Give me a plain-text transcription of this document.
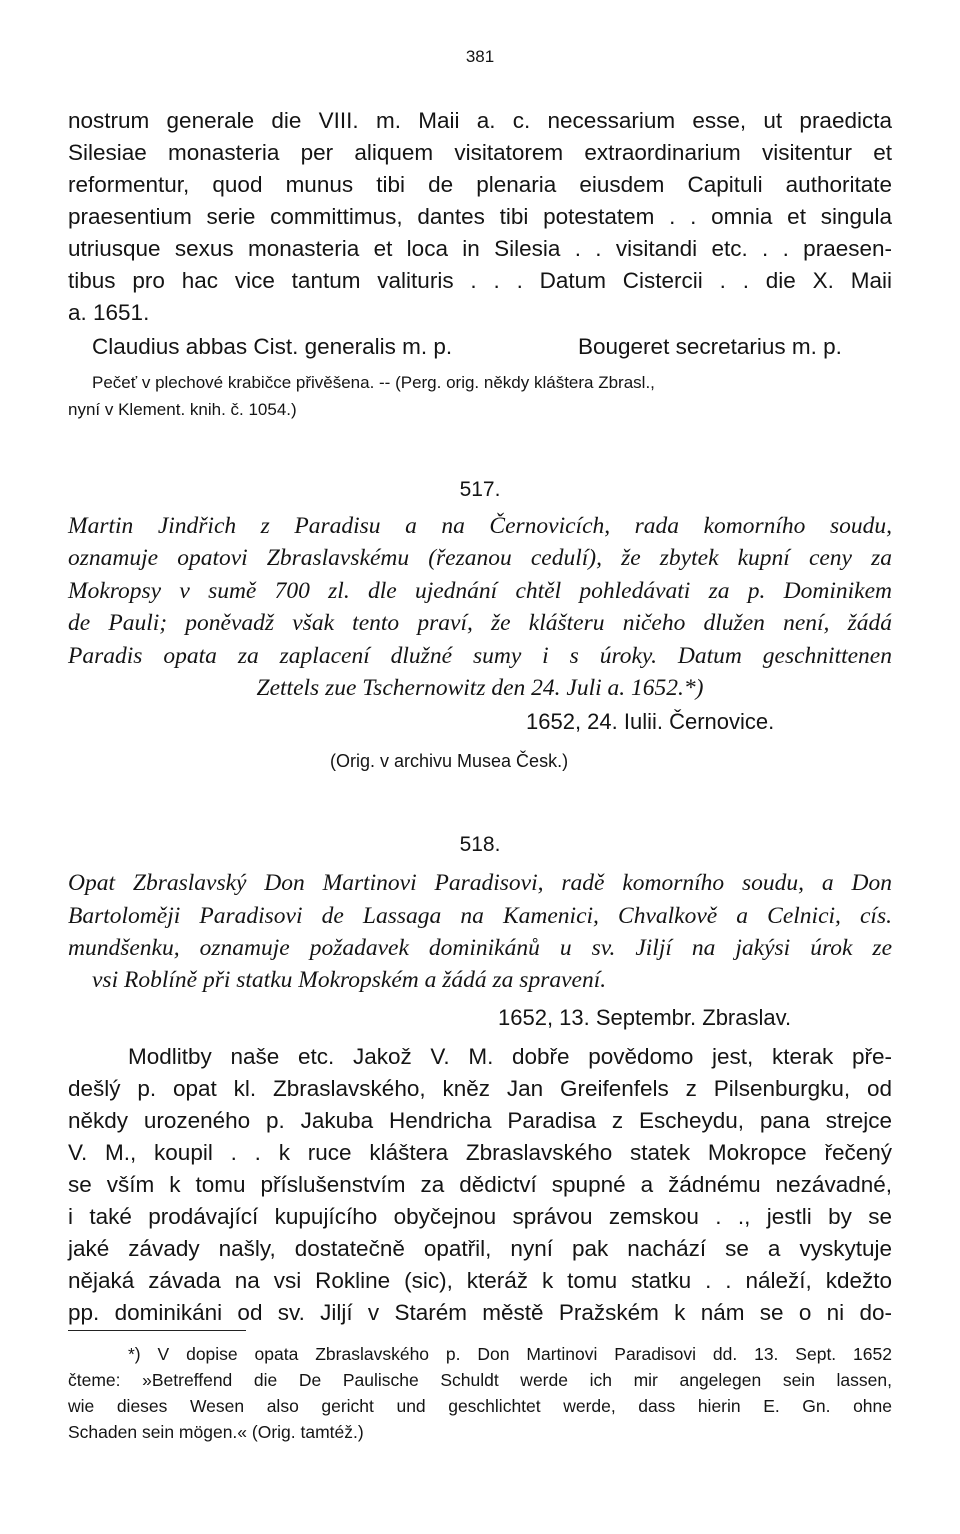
381
nostrum generale die VIII. m. Maii a. c. necessarium esse, ut praedicta
Silesiae monasteria per aliquem visitatorem extraordinarium visitentur et
reformentur, quod munus tibi de plenaria eiusdem Capituli authoritate
praesentium serie committimus, dantes tibi potestatem . . omnia et singula
utriusque sexus monasteria et loca in Silesia . . visitandi etc. . . praesen-
tibus pro hac vice tantum valituris . . . Datum Cistercii . . die X. Maii
a. 1651.
Claudius abbas Cist. generalis m. p.	Bougeret secretarius m. p.
Pečeť v plechové krabičce přivěšena. -- (Perg. orig. někdy kláštera Zbrasl.,
nyní v Klement. knih. č. 1054.)
517.
Martin Jindřich z Paradisu a na Černovicích, rada komorního soudu,
oznamuje opatovi Zbraslavskému (řezanou cedulí), že zbytek kupní ceny za
Mokropsy v sumě 700 zl. dle ujednání chtěl pohledávati za p. Dominikem
de Pauli; poněvadž však tento praví, že klášteru ničeho dlužen není, žádá
Paradis opata za zaplacení dlužné sumy i s úroky. Datum geschnittenen
Zettels zue Tschernowitz den 24. Juli a. 1652.*)
1652, 24. Iulii. Černovice.
(Orig. v archivu Musea Česk.)
518.
Opat Zbraslavský Don Martinovi Paradisovi, radě komorního soudu, a Don
Bartoloměji Paradisovi de Lassaga na Kamenici, Chvalkově a Celnici, cís.
mundšenku, oznamuje požadavek dominikánů u sv. Jiljí na jakýsi úrok ze
vsi Roblíně při statku Mokropském a žádá za spravení.
1652, 13. Septembr. Zbraslav.
Modlitby naše etc. Jakož V. M. dobře povědomo jest, kterak pře-
dešlý p. opat kl. Zbraslavského, kněz Jan Greifenfels z Pilsenburgku, od
někdy urozeného p. Jakuba Hendricha Paradisa z Escheydu, pana strejce
V. M., koupil . . k ruce kláštera Zbraslavského statek Mokropce řečený
se vším k tomu příslušenstvím za dědictví spupné a žádnému nezávadné,
i také prodávající kupujícího obyčejnou správou zemskou . ., jestli by se
jaké závady našly, dostatečně opatřil, nyní pak nachází se a vyskytuje
nějaká závada na vsi Rokline (sic), kteráž k tomu statku . . náleží, kdežto
pp. dominikáni od sv. Jiljí v Starém městě Pražském k nám se o ni do-
*) V dopise opata Zbraslavského p. Don Martinovi Paradisovi dd. 13. Sept. 1652
čteme: »Betreffend die De Paulische Schuldt werde ich mir angelegen sein lassen,
wie dieses Wesen also gericht und geschlichtet werde, dass hierin E. Gn. ohne
Schaden sein mögen.« (Orig. tamtéž.)
